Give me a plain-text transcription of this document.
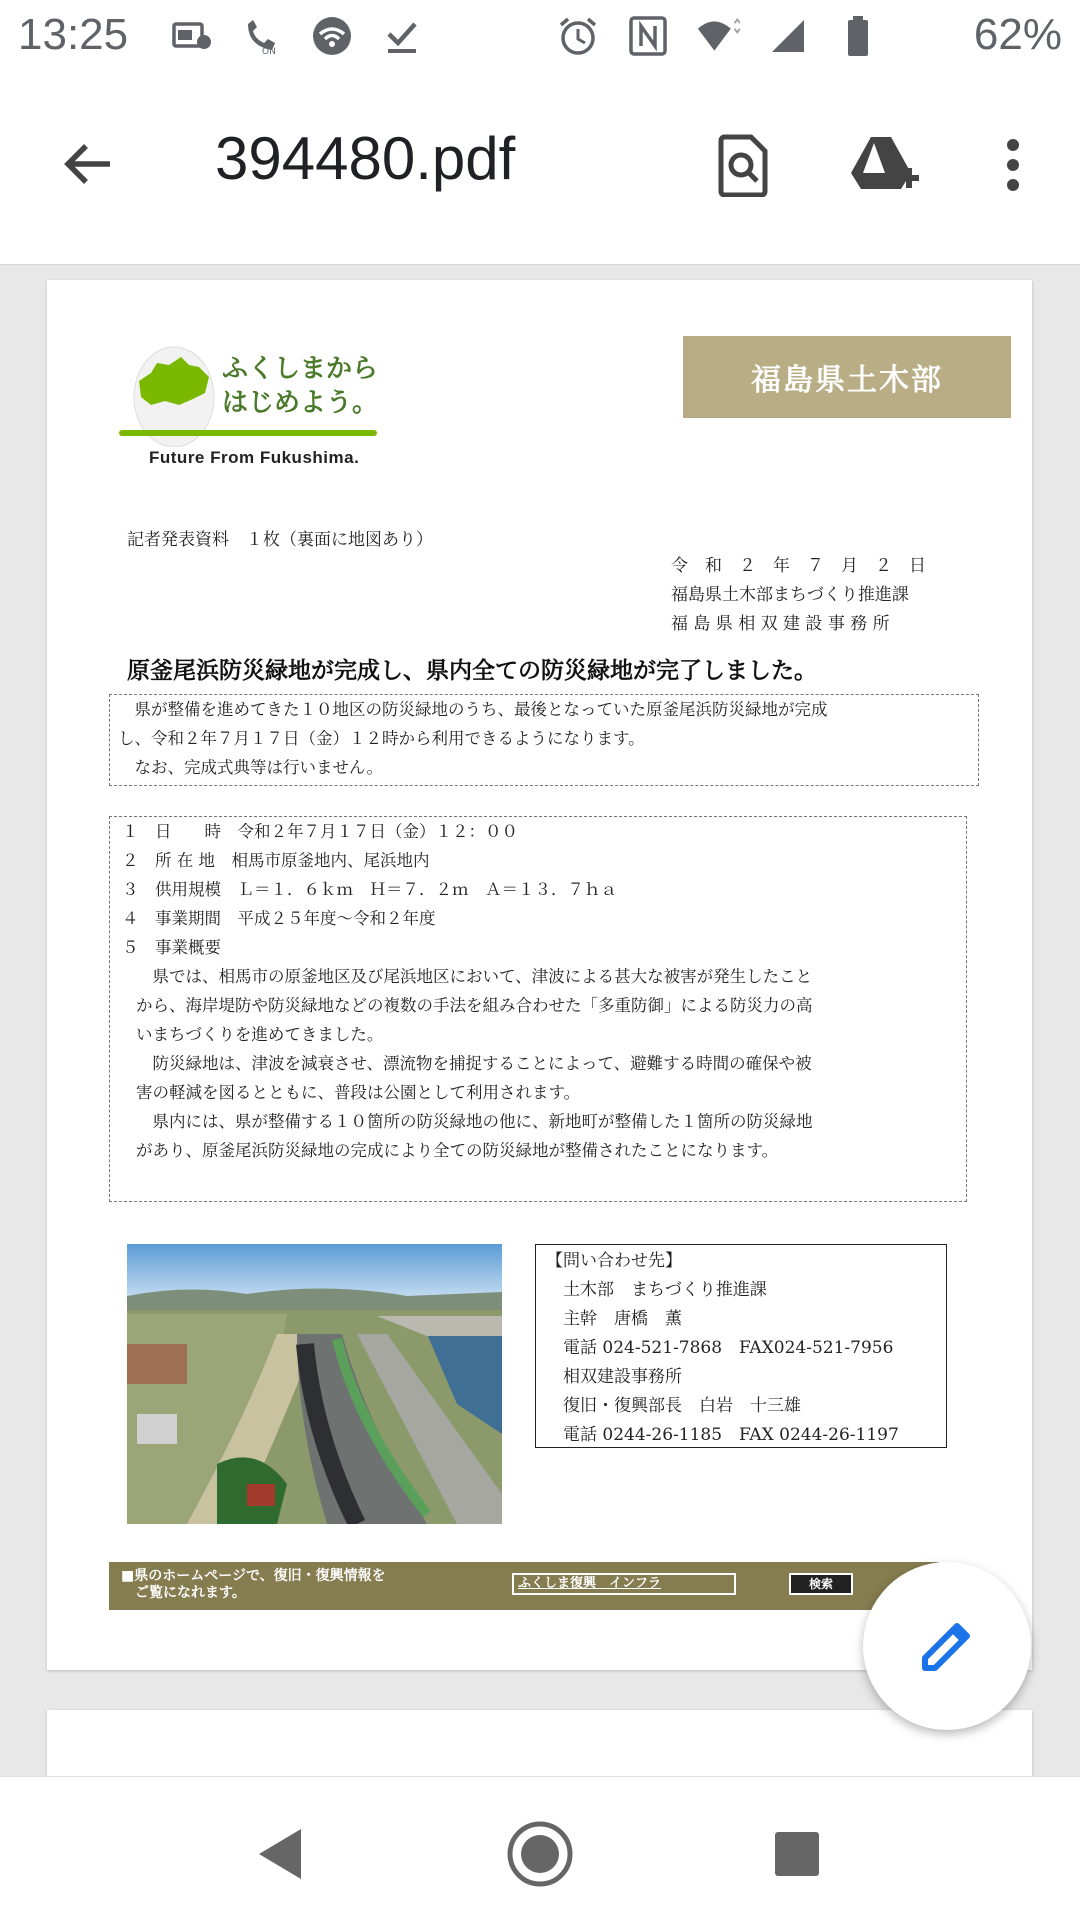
13:25	ON	62%
394480.pdf
ふくしまから
はじめよう。
Future From Fukushima.
福島県土木部
記者発表資料　１枚（裏面に地図あり）
令　和　２　年　７　月　２　日
福島県土木部まちづくり推進課
福 島 県 相 双 建 設 事 務 所
原釜尾浜防災緑地が完成し、県内全ての防災緑地が完了しました。

　県が整備を進めてきた１０地区の防災緑地のうち、最後となっていた原釜尾浜防災緑地が完成

し、令和２年７月１７日（金）１２時から利用できるようになります。

　なお、完成式典等は行いません。

１　日　　時　令和２年７月１７日（金）１２：００

２　所 在 地　相馬市原釜地内、尾浜地内

３　供用規模　Ｌ＝１．６ｋｍ　Ｈ＝７．２ｍ　Ａ＝１３．７ｈａ

４　事業期間　平成２５年度～令和２年度

５　事業概要

　県では、相馬市の原釜地区及び尾浜地区において、津波による甚大な被害が発生したこと

から、海岸堤防や防災緑地などの複数の手法を組み合わせた「多重防御」による防災力の高

いまちづくりを進めてきました。

　防災緑地は、津波を減衰させ、漂流物を捕捉することによって、避難する時間の確保や被

害の軽減を図るとともに、普段は公園として利用されます。

　県内には、県が整備する１０箇所の防災緑地の他に、新地町が整備した１箇所の防災緑地

があり、原釜尾浜防災緑地の完成により全ての防災緑地が整備されたことになります。

【問い合わせ先】

　土木部　まちづくり推進課

　主幹　唐橋　薫

　電話 024-521-7868　FAX024-521-7956

　相双建設事務所

　復旧・復興部長　白岩　十三雄

　電話 0244-26-1185　FAX 0244-26-1197

■県のホームページで、復旧・復興情報を
　ご覧になれます。
ふくしま復興　インフラ	検索
